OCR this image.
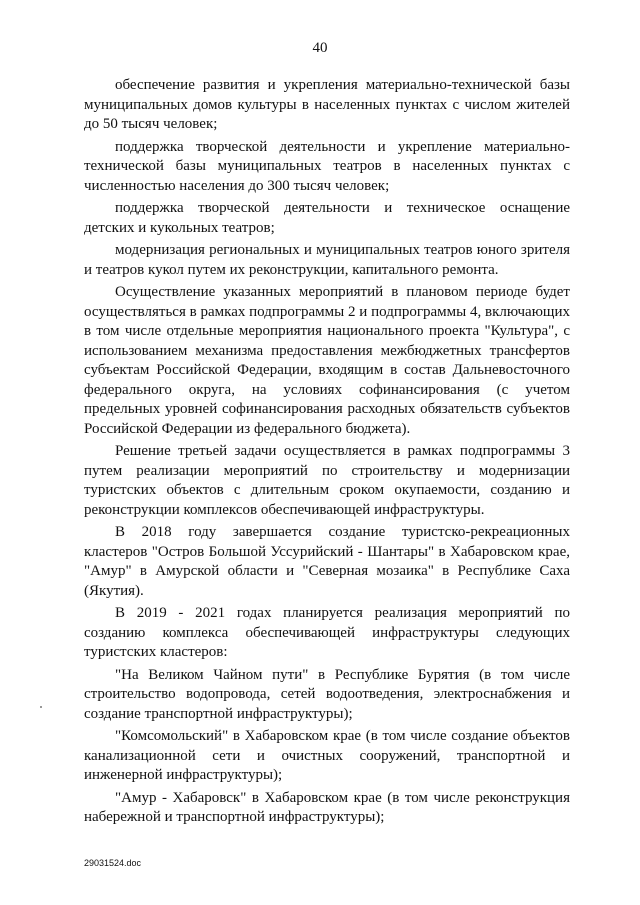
40

обеспечение развития и укрепления материально-технической базы муниципальных домов культуры в населенных пунктах с числом жителей до 50 тысяч человек;

поддержка творческой деятельности и укрепление материально-технической базы муниципальных театров в населенных пунктах с численностью населения до 300 тысяч человек;

поддержка творческой деятельности и техническое оснащение детских и кукольных театров;

модернизация региональных и муниципальных театров юного зрителя и театров кукол путем их реконструкции, капитального ремонта.

Осуществление указанных мероприятий в плановом периоде будет осуществляться в рамках подпрограммы 2 и подпрограммы 4, включающих в том числе отдельные мероприятия национального проекта "Культура", с использованием механизма предоставления межбюджетных трансфертов субъектам Российской Федерации, входящим в состав Дальневосточного федерального округа, на условиях софинансирования (с учетом предельных уровней софинансирования расходных обязательств субъектов Российской Федерации из федерального бюджета).

Решение третьей задачи осуществляется в рамках подпрограммы 3 путем реализации мероприятий по строительству и модернизации туристских объектов с длительным сроком окупаемости, созданию и реконструкции комплексов обеспечивающей инфраструктуры.

В 2018 году завершается создание туристско-рекреационных кластеров "Остров Большой Уссурийский - Шантары" в Хабаровском крае, "Амур" в Амурской области и "Северная мозаика" в Республике Саха (Якутия).

В 2019 - 2021 годах планируется реализация мероприятий по созданию комплекса обеспечивающей инфраструктуры следующих туристских кластеров:

"На Великом Чайном пути" в Республике Бурятия (в том числе строительство водопровода, сетей водоотведения, электроснабжения и создание транспортной инфраструктуры);

"Комсомольский" в Хабаровском крае (в том числе создание объектов канализационной сети и очистных сооружений, транспортной и инженерной инфраструктуры);

"Амур - Хабаровск" в Хабаровском крае (в том числе реконструкция набережной и транспортной инфраструктуры);

29031524.doc
